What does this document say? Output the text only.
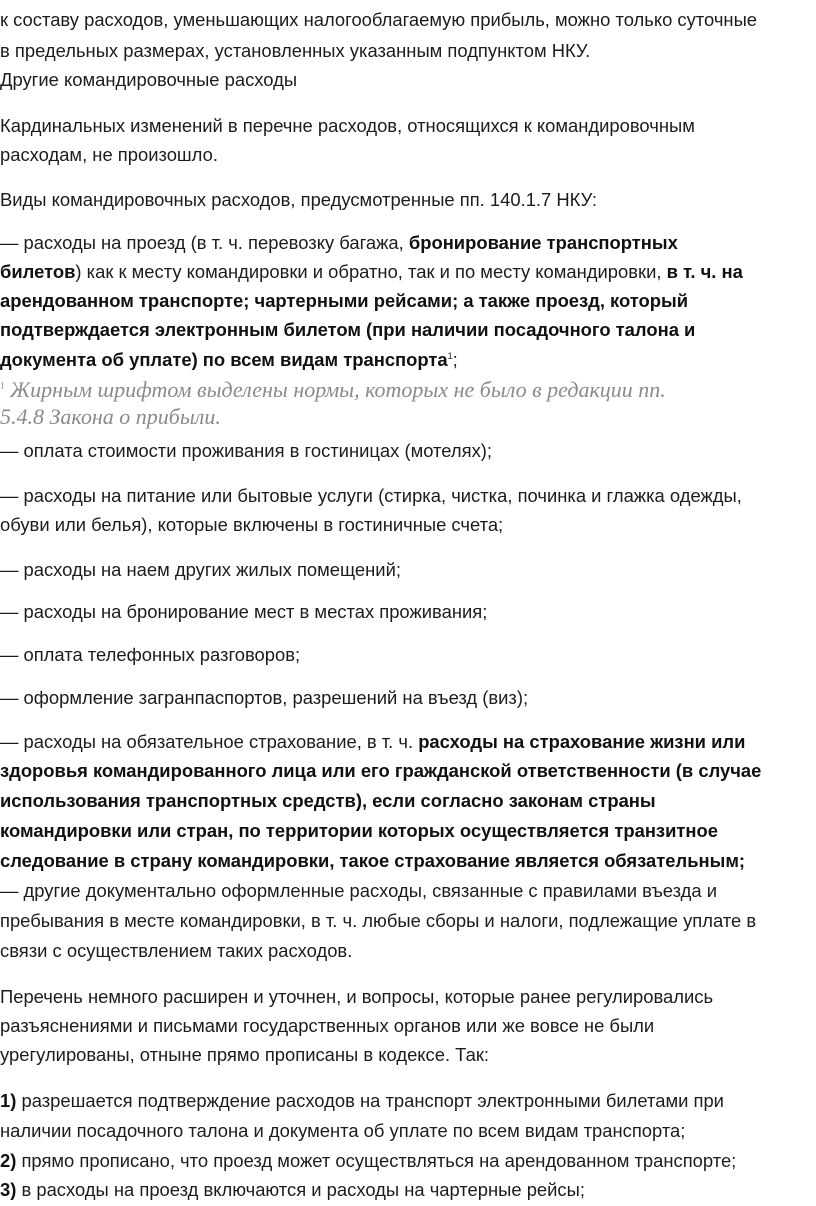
к составу расходов, уменьшающих налогооблагаемую прибыль, можно только суточные

в предельных размерах, установленных указанным подпунктом НКУ.

Другие командировочные расходы

Кардинальных изменений в перечне расходов, относящихся к командировочным

расходам, не произошло.

Виды командировочных расходов, предусмотренные пп. 140.1.7 НКУ:

— расходы на проезд (в т. ч. перевозку багажа, бронирование транспортных

билетов) как к месту командировки и обратно, так и по месту командировки, в т. ч. на

арендованном транспорте; чартерными рейсами; а также проезд, который

подтверждается электронным билетом (при наличии посадочного талона и

документа об уплате) по всем видам транспорта$^1$;

$^1$ Жирным шрифтом выделены нормы, которых не было в редакции пп.

5.4.8 Закона о прибыли.

— оплата стоимости проживания в гостиницах (мотелях);

— расходы на питание или бытовые услуги (стирка, чистка, починка и глажка одежды,

обуви или белья), которые включены в гостиничные счета;

— расходы на наем других жилых помещений;

— расходы на бронирование мест в местах проживания;

— оплата телефонных разговоров;

— оформление загранпаспортов, разрешений на въезд (виз);

— расходы на обязательное страхование, в т. ч. расходы на страхование жизни или

здоровья командированного лица или его гражданской ответственности (в случае

использования транспортных средств), если согласно законам страны

командировки или стран, по территории которых осуществляется транзитное

следование в страну командировки, такое страхование является обязательным;

— другие документально оформленные расходы, связанные с правилами въезда и

пребывания в месте командировки, в т. ч. любые сборы и налоги, подлежащие уплате в

связи с осуществлением таких расходов.

Перечень немного расширен и уточнен, и вопросы, которые ранее регулировались

разъяснениями и письмами государственных органов или же вовсе не были

урегулированы, отныне прямо прописаны в кодексе. Так:

1) разрешается подтверждение расходов на транспорт электронными билетами при

наличии посадочного талона и документа об уплате по всем видам транспорта;

2) прямо прописано, что проезд может осуществляться на арендованном транспорте;

3) в расходы на проезд включаются и расходы на чартерные рейсы;
